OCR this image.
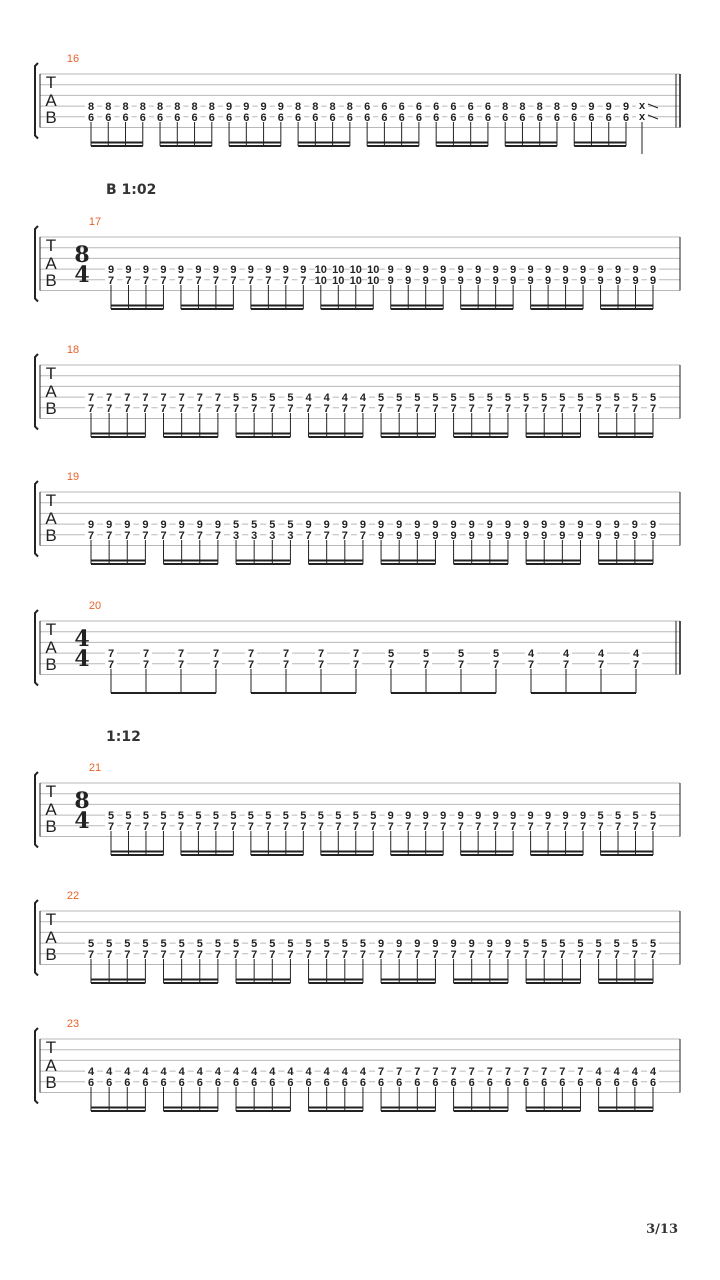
T
A
B
16
8
6
8
6
8
6
8
6
8
6
8
6
8
6
8
6
9
6
9
6
9
6
9
6
8
6
8
6
8
6
8
6
6
6
6
6
6
6
6
6
6
6
6
6
6
6
6
6
8
6
8
6
8
6
8
6
9
6
9
6
9
6
9
6
x
x
T
A
B
17
8
4 9
7
9
7
9
7
9
7
9
7
9
7
9
7
9
7
9
7
9
7
9
7
9
7
10
10
10
10
10
10
10
10
9
9
9
9
9
9
9
9
9
9
9
9
9
9
9
9
9
9
9
9
9
9
9
9
9
9
9
9
9
9
9
9
T
A
B
18
7
7
7
7
7
7
7
7
7
7
7
7
7
7
7
7
5
7
5
7
5
7
5
7
4
7
4
7
4
7
4
7
5
7
5
7
5
7
5
7
5
7
5
7
5
7
5
7
5
7
5
7
5
7
5
7
5
7
5
7
5
7
5
7
T
A
B
19
9
7
9
7
9
7
9
7
9
7
9
7
9
7
9
7
5
3
5
3
5
3
5
3
9
7
9
7
9
7
9
7
9
9
9
9
9
9
9
9
9
9
9
9
9
9
9
9
9
9
9
9
9
9
9
9
9
9
9
9
9
9
9
9
T
A
B
20
4
4 7
7
7
7
7
7
7
7
7
7
7
7
7
7
7
7
5
7
5
7
5
7
5
7
4
7
4
7
4
7
4
7
T
A
B
21
8
4 5
7
5
7
5
7
5
7
5
7
5
7
5
7
5
7
5
7
5
7
5
7
5
7
5
7
5
7
5
7
5
7
9
7
9
7
9
7
9
7
9
7
9
7
9
7
9
7
9
7
9
7
9
7
9
7
5
7
5
7
5
7
5
7
T
A
B
22
5
7
5
7
5
7
5
7
5
7
5
7
5
7
5
7
5
7
5
7
5
7
5
7
5
7
5
7
5
7
5
7
9
7
9
7
9
7
9
7
9
7
9
7
9
7
9
7
5
7
5
7
5
7
5
7
5
7
5
7
5
7
5
7
T
A
B
23
4
6
4
6
4
6
4
6
4
6
4
6
4
6
4
6
4
6
4
6
4
6
4
6
4
6
4
6
4
6
4
6
7
6
7
6
7
6
7
6
7
6
7
6
7
6
7
6
7
6
7
6
7
6
7
6
4
6
4
6
4
6
4
6
B 1:02
1:12
3/13
